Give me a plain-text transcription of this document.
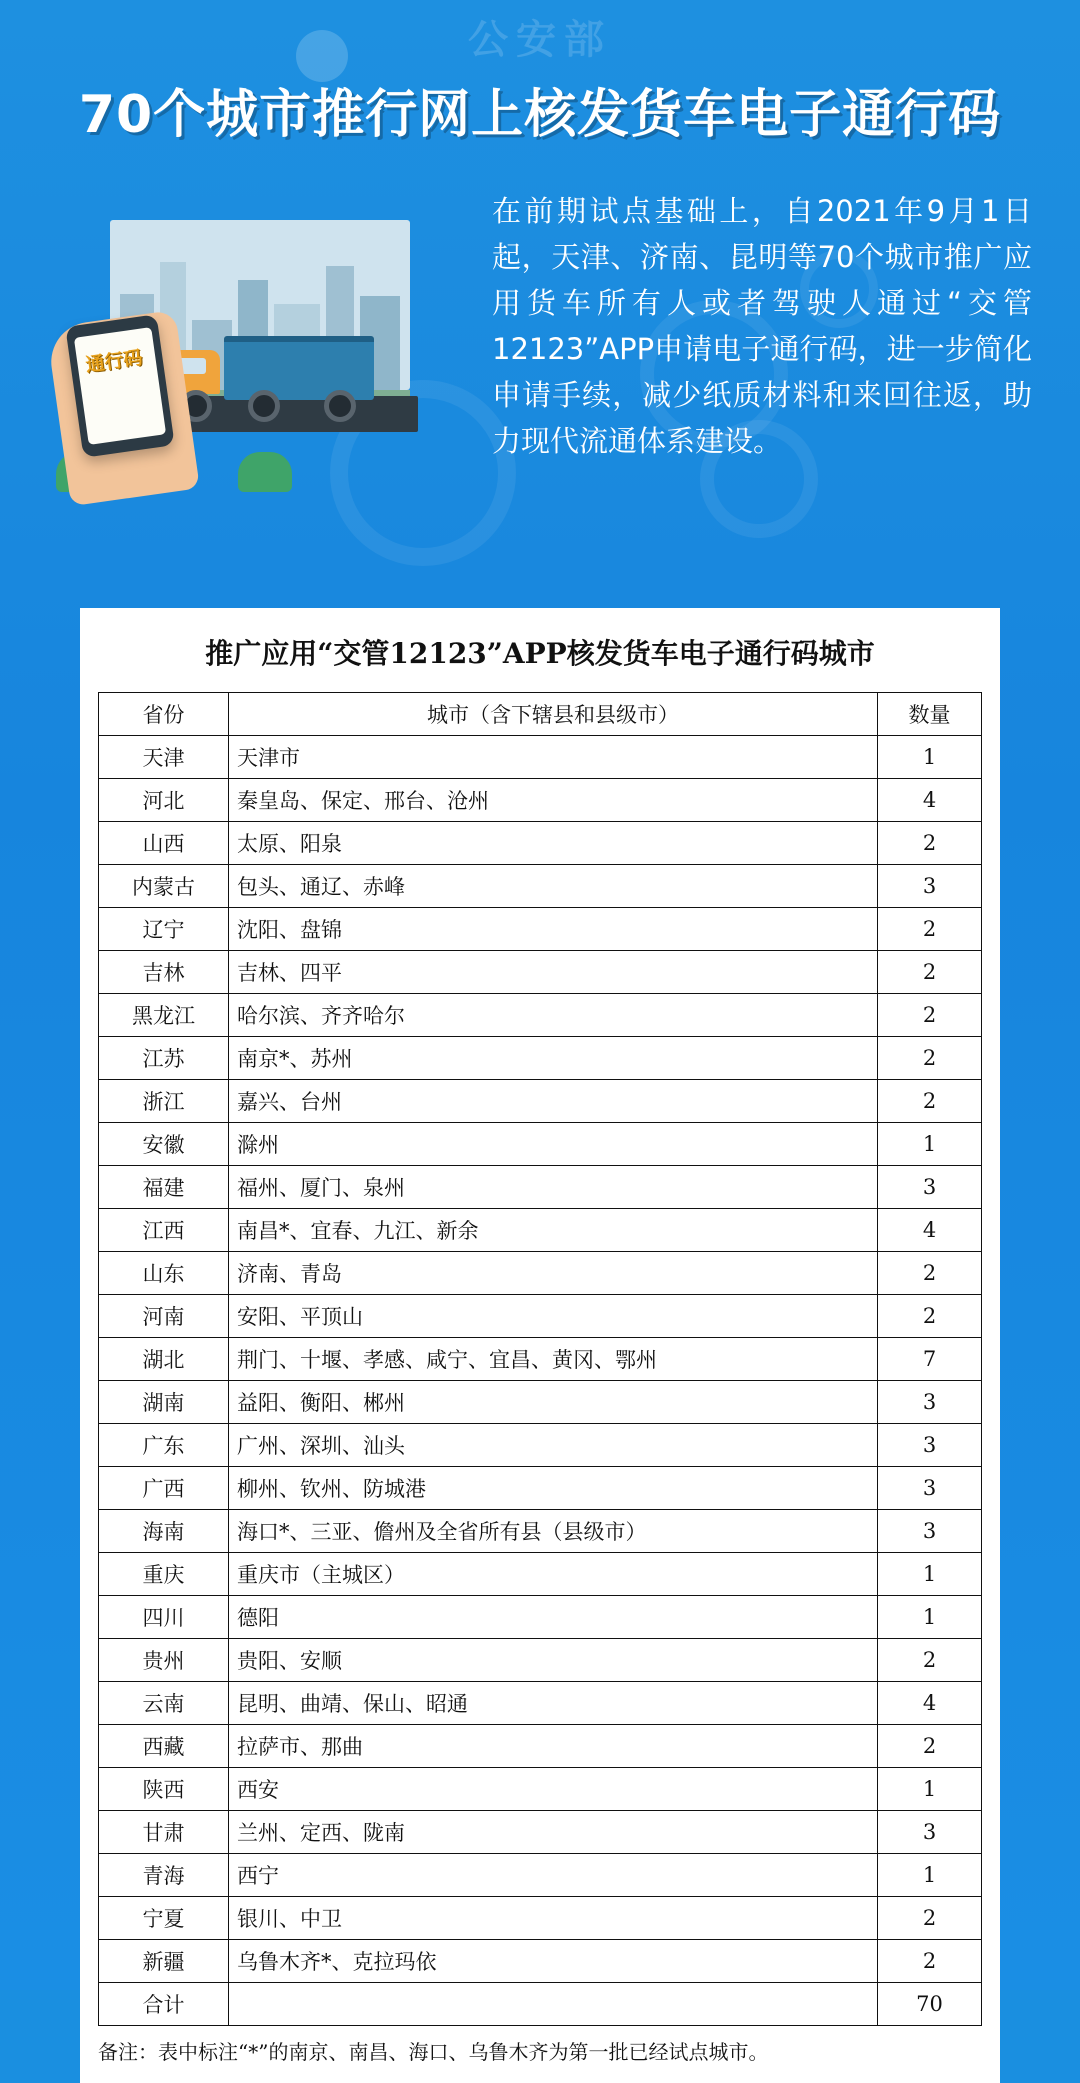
公安部
70个城市推行网上核发货车电子通行码
通行码
在前期试点基础上，自2021年9月1日起，天津、济南、昆明等70个城市推广应用货车所有人或者驾驶人通过“交管12123”APP申请电子通行码，进一步简化申请手续，减少纸质材料和来回往返，助力现代流通体系建设。
推广应用“交管12123”APP核发货车电子通行码城市
省份	城市（含下辖县和县级市）	数量
天津	天津市	1
河北	秦皇岛、保定、邢台、沧州	4
山西	太原、阳泉	2
内蒙古	包头、通辽、赤峰	3
辽宁	沈阳、盘锦	2
吉林	吉林、四平	2
黑龙江	哈尔滨、齐齐哈尔	2
江苏	南京*、苏州	2
浙江	嘉兴、台州	2
安徽	滁州	1
福建	福州、厦门、泉州	3
江西	南昌*、宜春、九江、新余	4
山东	济南、青岛	2
河南	安阳、平顶山	2
湖北	荆门、十堰、孝感、咸宁、宜昌、黄冈、鄂州	7
湖南	益阳、衡阳、郴州	3
广东	广州、深圳、汕头	3
广西	柳州、钦州、防城港	3
海南	海口*、三亚、儋州及全省所有县（县级市）	3
重庆	重庆市（主城区）	1
四川	德阳	1
贵州	贵阳、安顺	2
云南	昆明、曲靖、保山、昭通	4
西藏	拉萨市、那曲	2
陕西	西安	1
甘肃	兰州、定西、陇南	3
青海	西宁	1
宁夏	银川、中卫	2
新疆	乌鲁木齐*、克拉玛依	2
合计		70
备注：表中标注“*”的南京、南昌、海口、乌鲁木齐为第一批已经试点城市。
